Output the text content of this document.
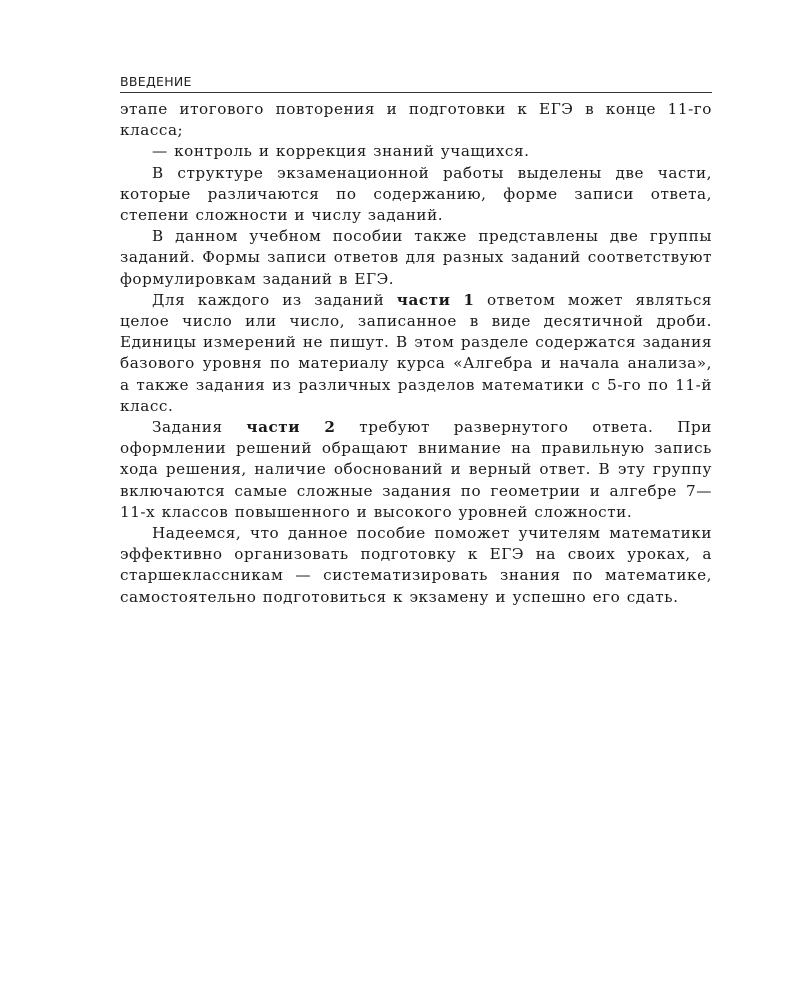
ВВЕДЕНИЕ

этапе итогового повторения и подготовки к ЕГЭ в конце 11-го класса;

— контроль и коррекция знаний учащихся.

В структуре экзаменационной работы выделены две части, которые различаются по содержанию, форме записи ответа, степени сложности и числу заданий.

В данном учебном пособии также представлены две группы заданий. Формы записи ответов для разных заданий соответствуют формулировкам заданий в ЕГЭ.

Для каждого из заданий части 1 ответом может являться целое число или число, записанное в виде десятичной дроби. Единицы измерений не пишут. В этом разделе содержатся задания базового уровня по материалу курса «Алгебра и начала анализа», а также задания из различных разделов математики с 5-го по 11-й класс.

Задания части 2 требуют развернутого ответа. При оформлении решений обращают внимание на правильную запись хода решения, наличие обоснований и верный ответ. В эту группу включаются самые сложные задания по геометрии и алгебре 7—11-х классов повышенного и высокого уровней сложности.

Надеемся, что данное пособие поможет учителям математики эффективно организовать подготовку к ЕГЭ на своих уроках, а старшеклассникам — систематизировать знания по математике, самостоятельно подготовиться к экзамену и успешно его сдать.
